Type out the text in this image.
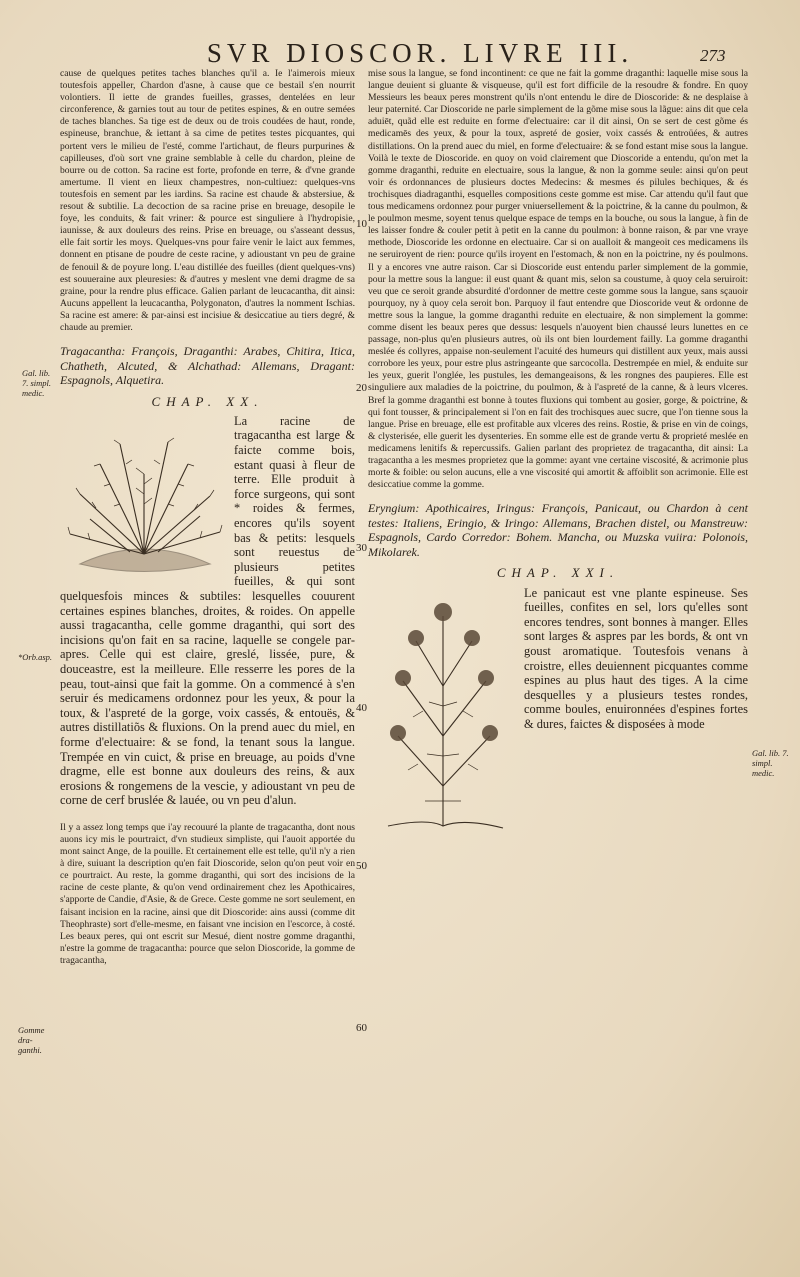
SVR DIOSCOR. LIVRE III.	273
Gal. lib. 7. simpl. medic.
*Orb.asp.
Gomme dra- ganthi.
Gal. lib. 7. simpl. medic.
10
20
30
40
50
60

cause de quelques petites taches blanches qu'il a. Ie l'aimerois mieux toutesfois appeller, Chardon d'asne, à cause que ce bestail s'en nourrit volontiers. Il iette de grandes fueilles, grasses, dentelées en leur circonference, & garnies tout au tour de petites espines, & en outre semées de taches blanches. Sa tige est de deux ou de trois coudées de haut, ronde, espineuse, branchue, & iettant à sa cime de petites testes picquantes, qui portent vers le milieu de l'esté, comme l'artichaut, de fleurs purpurines & capilleuses, d'où sort vne graine semblable à celle du chardon, pleine de bourre ou de cotton. Sa racine est forte, profonde en terre, & d'vne grande amertume. Il vient en lieux champestres, non-cultiuez: quelques-vns toutesfois en sement par les iardins. Sa racine est chaude & abstersiue, & resout & subtilie. La decoction de sa racine prise en breuage, desopile le foye, les conduits, & fait vriner: & pource est singuliere à l'hydropisie, iaunisse, & aux douleurs des reins. Prise en breuage, ou s'asseant dessus, elle fait sortir les moys. Quelques-vns pour faire venir le laict aux femmes, donnent en ptisane de poudre de ceste racine, y adioustant vn peu de graine de fenouil & de poyure long. L'eau distillée des fueilles (dient quelques-vns) est souueraine aux pleuresies: & d'autres y meslent vne demi dragme de sa graine, pour la rendre plus efficace. Galien parlant de leucacantha, dit ainsi: Aucuns appellent la leucacantha, Polygonaton, d'autres la nomment Ischias. Sa racine est amere: & par-ainsi est incisiue & desiccatiue au tiers degré, & chaude au premier.

Tragacantha: François, Draganthi: Arabes, Chitira, Itica, Chatheth, Alcuted, & Alchathad: Allemans, Dragant: Espagnols, Alquetira.
CHAP. XX.
La racine de tragacantha est large & faicte comme bois, estant quasi à fleur de terre. Elle produit à force surgeons, qui sont * roides & fermes, encores qu'ils soyent bas & petits: lesquels sont reuestus de plusieurs petites fueilles, & qui sont quelquesfois minces & subtiles: lesquelles couurent certaines espines blanches, droites, & roides. On appelle aussi tragacantha, celle gomme draganthi, qui sort des incisions qu'on fait en sa racine, laquelle se congele par-apres. Celle qui est claire, greslé, lissée, pure, & douceastre, est la meilleure. Elle resserre les pores de la peau, tout-ainsi que fait la gomme. On a commencé à s'en seruir és medicamens ordonnez pour les yeux, & pour la toux, & l'aspreté de la gorge, voix cassés, & entouës, & autres distillatiõs & fluxions. On la prend auec du miel, en forme d'electuaire: & se fond, la tenant sous la langue. Trempée en vin cuict, & prise en breuage, au poids d'vne dragme, elle est bonne aux douleurs des reins, & aux erosions & rongemens de la vescie, y adioustant vn peu de corne de cerf bruslée & lauée, ou vn peu d'alun.

Il y a assez long temps que i'ay recouuré la plante de tragacantha, dont nous auons icy mis le pourtraict, d'vn studieux simpliste, qui l'auoit apportée du mont sainct Ange, de la pouille. Et certainement elle est telle, qu'il n'y a rien à dire, suiuant la description qu'en fait Dioscoride, selon qu'on peut voir en ce pourtraict. Au reste, la gomme draganthi, qui sort des incisions de la racine de ceste plante, & qu'on vend ordinairement chez les Apothicaires, s'apporte de Candie, d'Asie, & de Grece. Ceste gomme ne sort seulement, en faisant incision en la racine, ainsi que dit Dioscoride: ains aussi (comme dit Theophraste) sort d'elle-mesme, en faisant vne incision en l'escorce, à costé. Les beaux peres, qui ont escrit sur Mesué, dient nostre gomme draganthi, n'estre la gomme de tragacantha: pource que selon Dioscoride, la gomme de tragacantha,

mise sous la langue, se fond incontinent: ce que ne fait la gomme draganthi: laquelle mise sous la langue deuient si gluante & visqueuse, qu'il est fort difficile de la resoudre & fondre. En quoy Messieurs les beaux peres monstrent qu'ils n'ont entendu le dire de Dioscoride: & ne desplaise à leur paternité. Car Dioscoride ne parle simplement de la gõme mise sous la lãgue: ains dit que cela aduiēt, quãd elle est reduite en forme d'electuaire: car il dit ainsi, On se sert de cest gõme és medicamēs des yeux, & pour la toux, aspreté de gosier, voix cassés & entroüées, & autres distillations. On la prend auec du miel, en forme d'electuaire: & se fond estant mise sous la langue. Voilà le texte de Dioscoride. en quoy on void clairement que Dioscoride a entendu, qu'on met la gomme draganthi, reduite en electuaire, sous la langue, & non la gomme seule: ainsi qu'on peut voir és ordonnances de plusieurs doctes Medecins: & mesmes és pilules bechiques, & és trochisques diadraganthi, esquelles compositions ceste gomme est mise. Car attendu qu'il faut que tous medicamens ordonnez pour purger vniuersellement & la poictrine, & la canne du poulmon, & le poulmon mesme, soyent tenus quelque espace de temps en la bouche, ou sous la langue, à fin de les laisser fondre & couler petit à petit en la canne du poulmon: à bonne raison, & par vne vraye methode, Dioscoride les ordonne en electuaire. Car si on aualloit & mangeoit ces medicamens ils ne seruiroyent de rien: pource qu'ils iroyent en l'estomach, & non en la poictrine, ny és poulmons. Il y a encores vne autre raison. Car si Dioscoride eust entendu parler simplement de la gommie, pour la mettre sous la langue: il eust quant & quant mis, selon sa coustume, à quoy cela seruiroit: veu que ce seroit grande absurdité d'ordonner de mettre ceste gomme sous la langue, sans sçauoir pourquoy, ny à quoy cela seroit bon. Parquoy il faut entendre que Dioscoride veut & ordonne de mettre sous la langue, la gomme draganthi reduite en electuaire, & non simplement la gomme: comme disent les beaux peres que dessus: lesquels n'auoyent bien chaussé leurs lunettes en ce passage, non-plus qu'en plusieurs autres, où ils ont bien lourdement failly. La gomme draganthi meslée és collyres, appaise non-seulement l'acuité des humeurs qui distillent aux yeux, mais aussi corrobore les yeux, pour estre plus astringeante que sarcocolla. Destrempée en miel, & enduite sur les yeux, guerit l'onglée, les pustules, les demangeaisons, & les rongnes des paupieres. Elle est singuliere aux maladies de la poictrine, du poulmon, & à l'aspreté de la canne, & à leurs vlceres. Bref la gomme draganthi est bonne à toutes fluxions qui tombent au gosier, gorge, & poictrine, & qui font tousser, & principalement si l'on en fait des trochisques auec sucre, que l'on tienne sous la langue. Prise en breuage, elle est profitable aux vlceres des reins. Rostie, & prise en vin de coings, & clysterisée, elle guerit les dysenteries. En somme elle est de grande vertu & proprieté meslée en medicamens lenitifs & repercussifs. Galien parlant des proprietez de tragacantha, dit ainsi: La tragacantha a les mesmes proprietez que la gomme: ayant vne certaine viscosité, & acrimonie plus morte & foible: ou selon aucuns, elle a vne viscosité qui amortit & affoiblit son acrimonie. Elle est desiccatiue comme la gomme.

Eryngium: Apothicaires, Iringus: François, Panicaut, ou Chardon à cent testes: Italiens, Eringio, & Iringo: Allemans, Brachen distel, ou Manstreuw: Espagnols, Cardo Corredor: Bohem. Mancha, ou Muzska vuiira: Polonois, Mikolarek.
CHAP. XXI.
Le panicaut est vne plante espineuse. Ses fueilles, confites en sel, lors qu'elles sont encores tendres, sont bonnes à manger. Elles sont larges & aspres par les bords, & ont vn goust aromatique. Toutesfois venans à croistre, elles deuiennent picquantes comme espines au plus haut des tiges. A la cime desquelles y a plusieurs testes rondes, comme boules, enuironnées d'espines fortes & dures, faictes & disposées à mode
